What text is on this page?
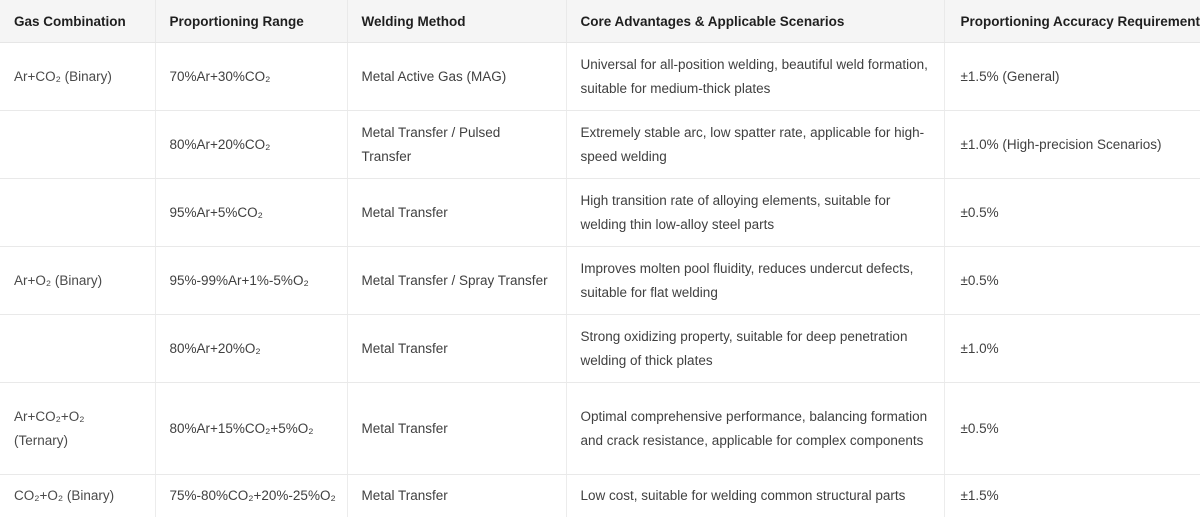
Gas Combination	Proportioning Range	Welding Method	Core Advantages & Applicable Scenarios	Proportioning Accuracy Requirement
Ar+CO₂ (Binary)	70%Ar+30%CO₂	Metal Active Gas (MAG)	Universal for all-position welding, beautiful weld formation, suitable for medium-thick plates	±1.5% (General)
	80%Ar+20%CO₂	Metal Transfer / Pulsed Transfer	Extremely stable arc, low spatter rate, applicable for high-speed welding	±1.0% (High-precision Scenarios)
	95%Ar+5%CO₂	Metal Transfer	High transition rate of alloying elements, suitable for welding thin low-alloy steel parts	±0.5%
Ar+O₂ (Binary)	95%-99%Ar+1%-5%O₂	Metal Transfer / Spray Transfer	Improves molten pool fluidity, reduces undercut defects, suitable for flat welding	±0.5%
	80%Ar+20%O₂	Metal Transfer	Strong oxidizing property, suitable for deep penetration welding of thick plates	±1.0%
Ar+CO₂+O₂ (Ternary)	80%Ar+15%CO₂+5%O₂	Metal Transfer	Optimal comprehensive performance, balancing formation and crack resistance, applicable for complex components	±0.5%
CO₂+O₂ (Binary)	75%-80%CO₂+20%-25%O₂	Metal Transfer	Low cost, suitable for welding common structural parts	±1.5%
